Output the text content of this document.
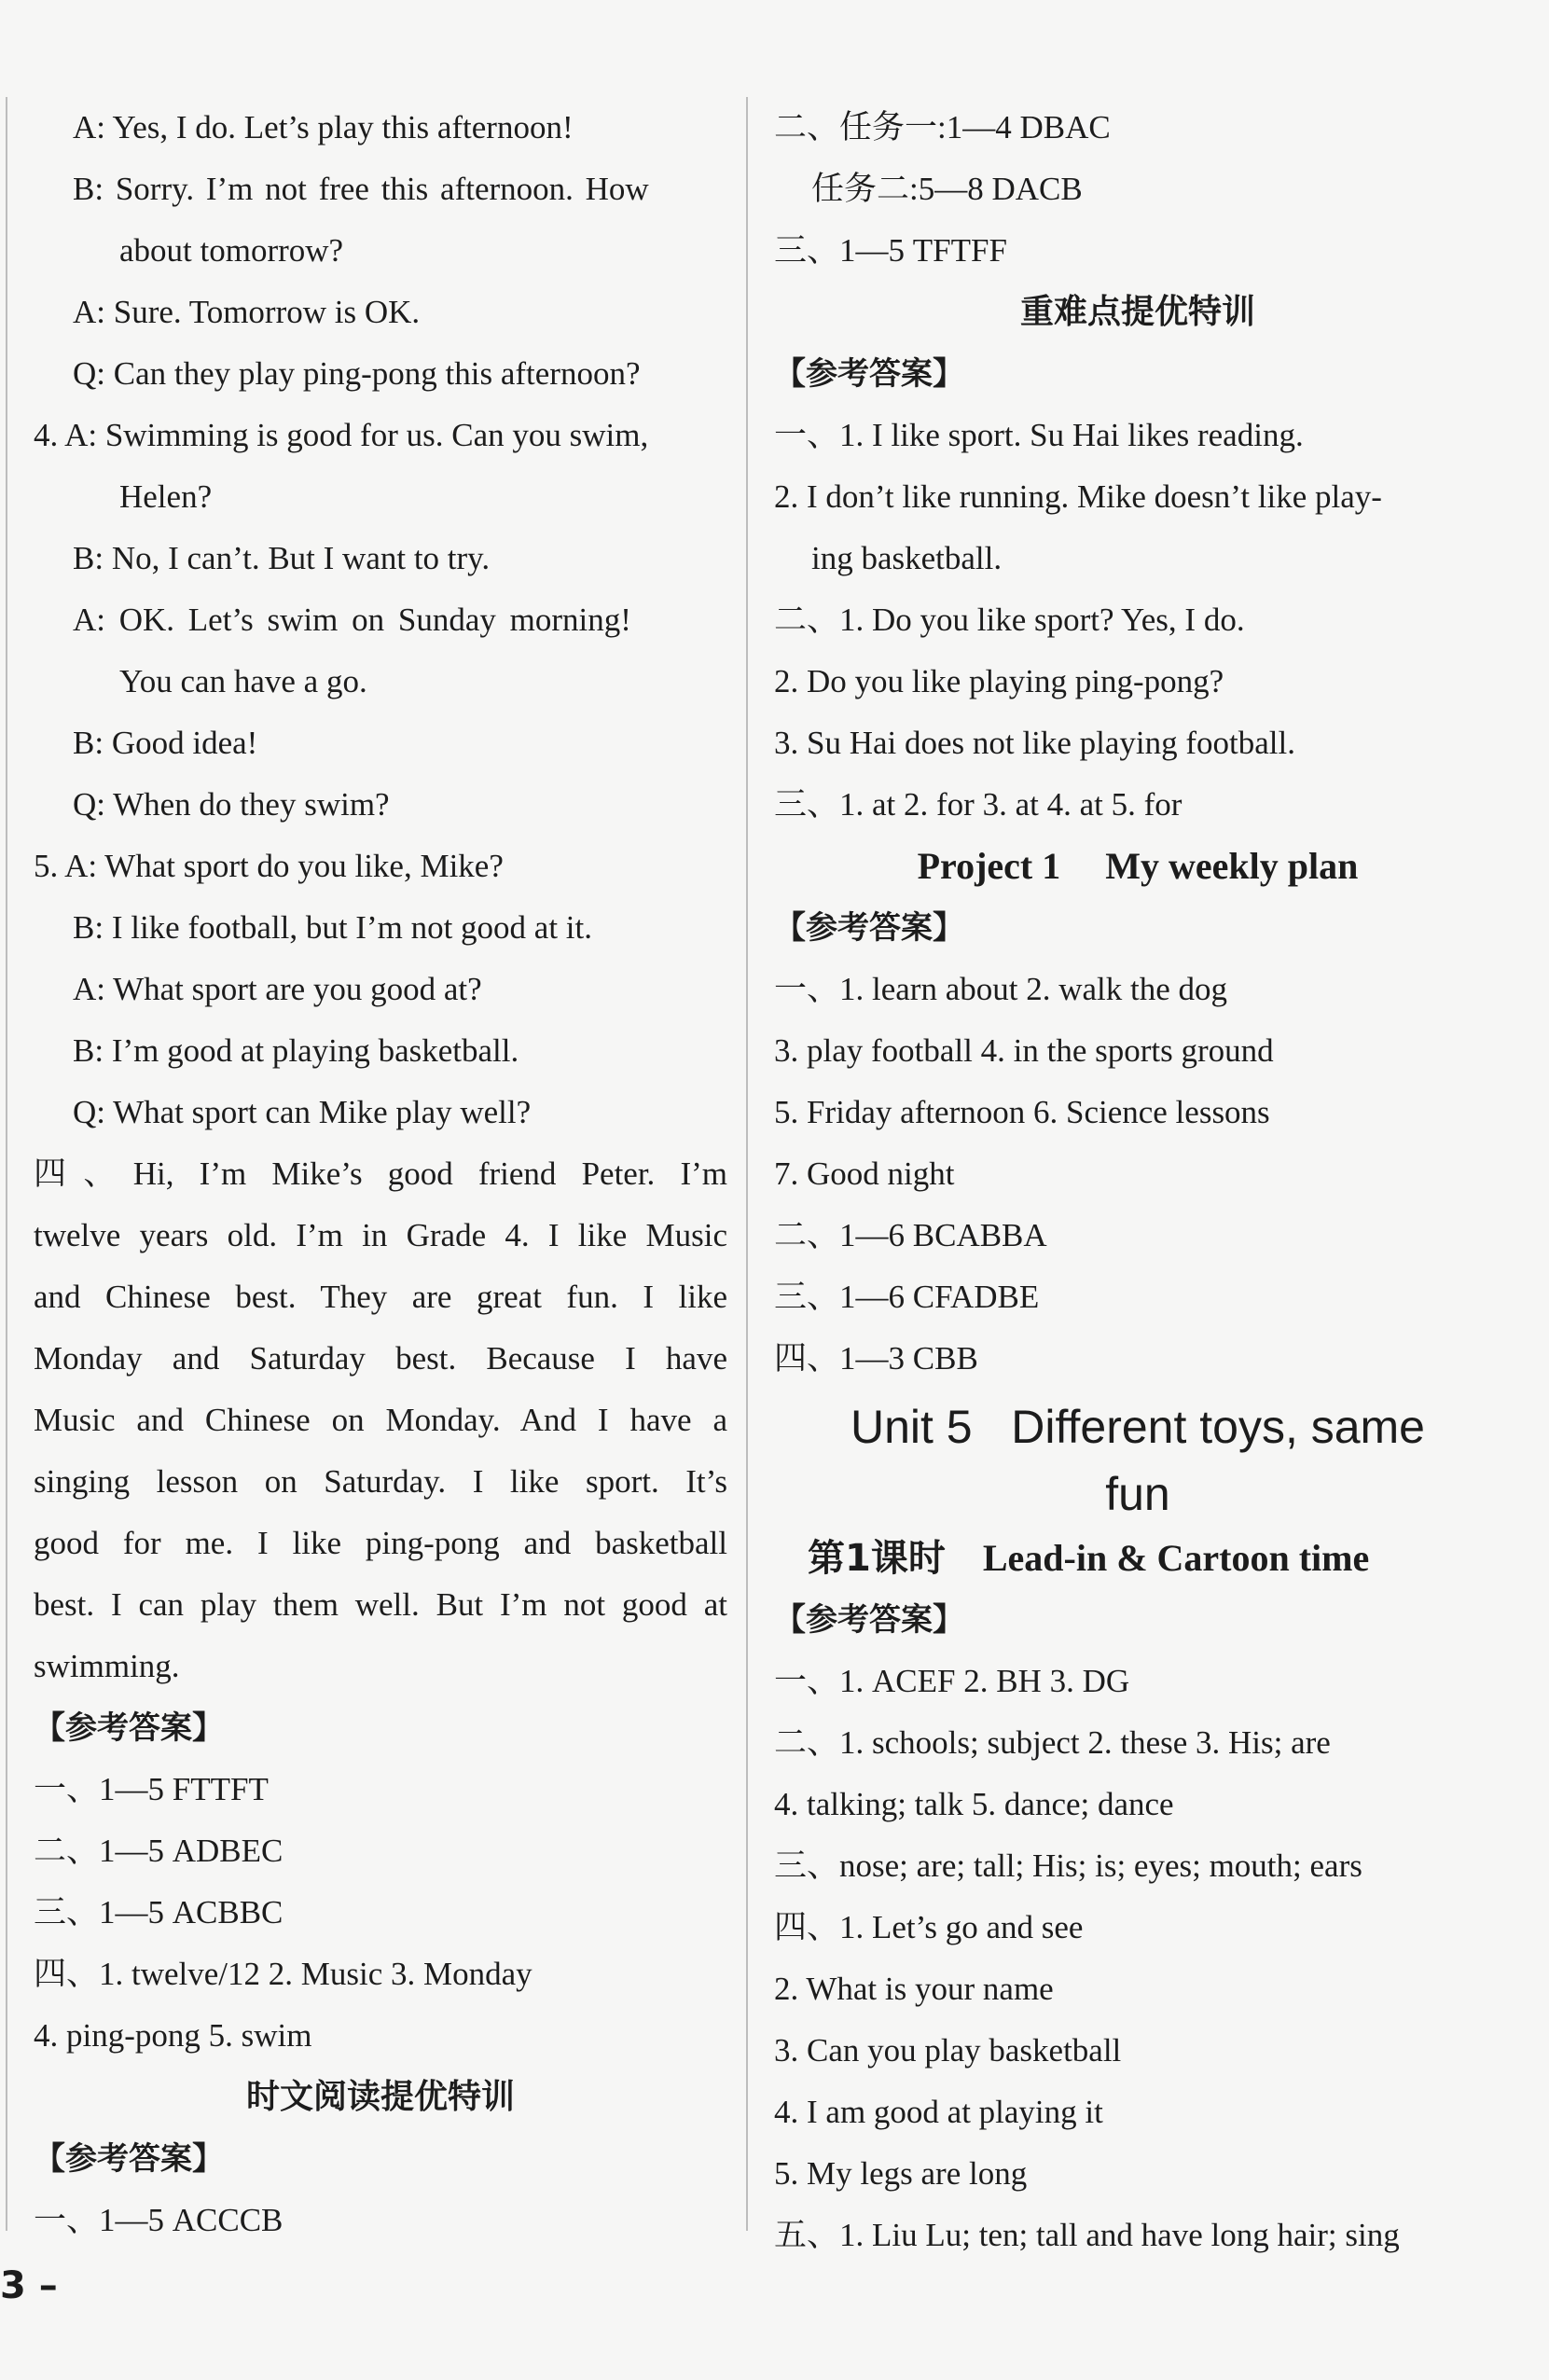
A: Yes, I do. Let’s play this afternoon!
B: Sorry. I’m not free this afternoon. How
about tomorrow?
A: Sure. Tomorrow is OK.
Q: Can they play ping-pong this afternoon?
4. A: Swimming is good for us. Can you swim,
Helen?
B: No, I can’t. But I want to try.
A: OK. Let’s swim on Sunday morning!
You can have a go.
B: Good idea!
Q: When do they swim?
5. A: What sport do you like, Mike?
B: I like football, but I’m not good at it.
A: What sport are you good at?
B: I’m good at playing basketball.
Q: What sport can Mike play well?
四、Hi, I’m Mike’s good friend Peter. I’m
twelve years old. I’m in Grade 4. I like Music
and Chinese best. They are great fun. I like
Monday and Saturday best. Because I have
Music and Chinese on Monday. And I have a
singing lesson on Saturday. I like sport. It’s
good for me. I like ping-pong and basketball
best. I can play them well. But I’m not good at
swimming.
【参考答案】
一、1—5 FTTFT
二、1—5 ADBEC
三、1—5 ACBBC
四、1. twelve/12 2. Music 3. Monday
4. ping-pong 5. swim
时文阅读提优特训
【参考答案】
一、1—5 ACCCB
二、任务一:1—4 DBAC
任务二:5—8 DACB
三、1—5 TFTFF
重难点提优特训
【参考答案】
一、1. I like sport. Su Hai likes reading.
2. I don’t like running. Mike doesn’t like play-
ing basketball.
二、1. Do you like sport? Yes, I do.
2. Do you like playing ping-pong?
3. Su Hai does not like playing football.
三、1. at 2. for 3. at 4. at 5. for
Project 1 My weekly plan
【参考答案】
一、1. learn about 2. walk the dog
3. play football 4. in the sports ground
5. Friday afternoon 6. Science lessons
7. Good night
二、1—6 BCABBA
三、1—6 CFADBE
四、1—3 CBB
Unit 5   Different toys, same
fun
第1课时 Lead-in & Cartoon time
【参考答案】
一、1. ACEF 2. BH 3. DG
二、1. schools; subject 2. these 3. His; are
4. talking; talk 5. dance; dance
三、nose; are; tall; His; is; eyes; mouth; ears
四、1. Let’s go and see
2. What is your name
3. Can you play basketball
4. I am good at playing it
5. My legs are long
五、1. Liu Lu; ten; tall and have long hair; sing
3 –
